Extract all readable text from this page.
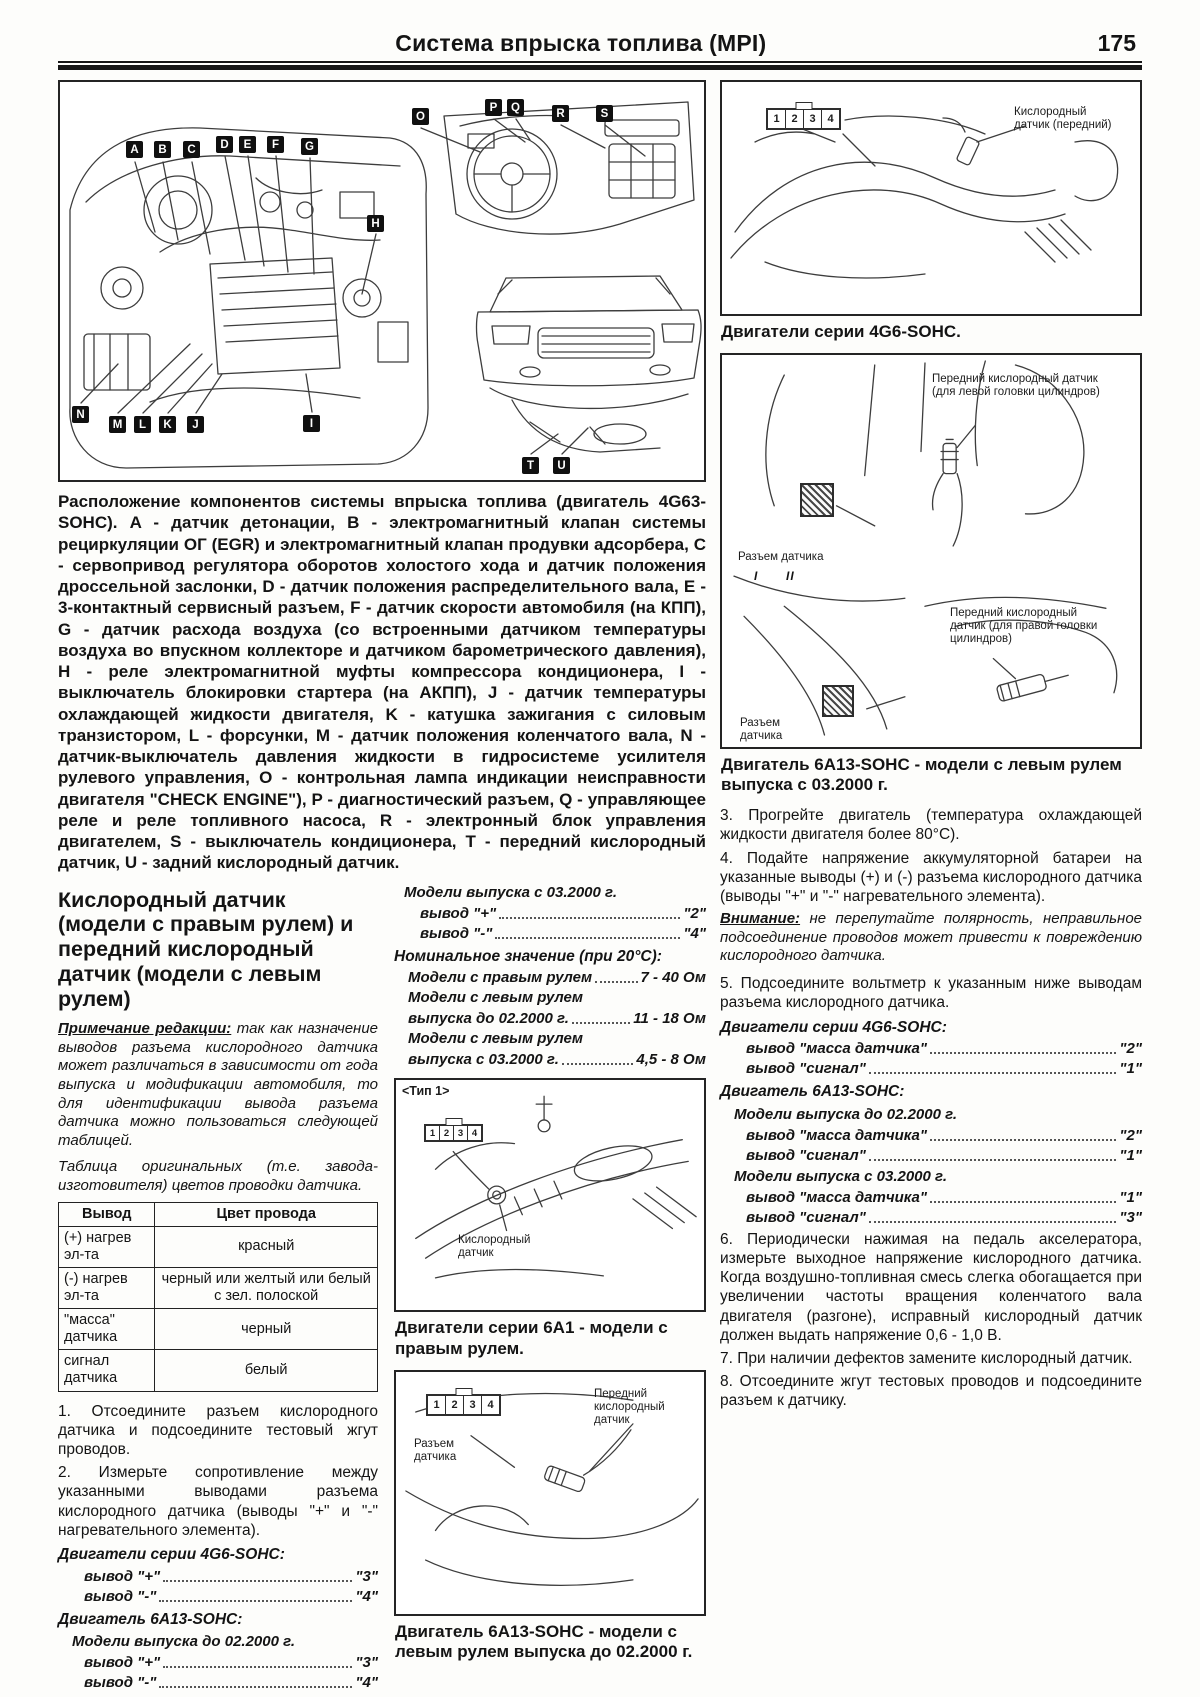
Система впрыска топлива (MPI)	175
A	B	C	D	E	F	G
H
I
J
K
L
M
N
O
P	Q	R	S
T	U

Расположение компонентов системы впрыска топлива (двигатель 4G63-SOHC). A - датчик детонации, B - электромагнитный клапан системы рециркуляции ОГ (EGR) и электромагнитный клапан продувки адсорбера, C - сервопривод регулятора оборотов холостого хода и датчик положения дроссельной заслонки, D - датчик положения распределительного вала, E - 3-контактный сервисный разъем, F - датчик скорости автомобиля (на КПП), G - датчик расхода воздуха (со встроенными датчиком температуры воздуха во впускном коллекторе и датчиком барометрического давления), H - реле электромагнитной муфты компрессора кондиционера, I - выключатель блокировки стартера (на АКПП), J - датчик температуры охлаждающей жидкости двигателя, K - катушка зажигания с силовым транзистором, L - форсунки, M - датчик положения коленчатого вала, N - датчик-выключатель давления жидкости в гидросистеме усилителя рулевого управления, O - контрольная лампа индикации неисправности двигателя "CHECK ENGINE"), P - диагностический разъем, Q - управляющее реле и реле топливного насоса, R - электронный блок управления двигателем, S - выключатель кондиционера, T - передний кислородный датчик, U - задний кислородный датчик.

Кислородный датчик (модели с правым рулем) и передний кислородный датчик (модели с левым рулем)

Примечание редакции: так как назначение выводов разъема кислородного датчика может различаться в зависимости от года выпуска и модификации автомобиля, то для идентификации вывода разъема датчика можно пользоваться следующей таблицей.

Таблица оригинальных (т.е. завода-изготовителя) цветов проводки датчика.

Вывод	Цвет провода
(+) нагрев эл-та	красный
(-) нагрев эл-та	черный или желтый или белый с зел. полоской
"масса" датчика	черный
сигнал датчика	белый

1. Отсоедините разъем кислородного датчика и подсоедините тестовый жгут проводов.

2. Измерьте сопротивление между указанными выводами разъема кислородного датчика (выводы "+" и "-" нагревательного элемента).

Двигатели серии 4G6-SOHC:
вывод "+"	"3"
вывод "-"	"4"
Двигатель 6А13-SOHC:
Модели выпуска до 02.2000 г.
вывод "+"	"3"
вывод "-"	"4"
Модели выпуска с 03.2000 г.
вывод "+"	"2"
вывод "-"	"4"
Номинальное значение (при 20°C):
Модели с правым рулем	7 - 40 Ом
Модели с левым рулем
выпуска до 02.2000 г.	11 - 18 Ом
Модели с левым рулем
выпуска с 03.2000 г.	4,5 - 8 Ом
<Тип 1>
1 2 3 4
Кислородный датчик
Двигатели серии 6А1 - модели с правым рулем.
1	2	3	4
Разъем датчика
Передний кислородный датчик
Двигатель 6А13-SOHC - модели с левым рулем выпуска до 02.2000 г.
1	2	3	4
Кислородный датчик (передний)
Двигатели серии 4G6-SOHC.
Передний кислородный датчик (для левой головки цилиндров)
Разъем датчика
I II
Передний кислородный датчик (для правой головки цилиндров)
Разъем датчика
Двигатель 6А13-SOHC - модели с левым рулем выпуска с 03.2000 г.

3. Прогрейте двигатель (температура охлаждающей жидкости двигателя более 80°C).

4. Подайте напряжение аккумуляторной батареи на указанные выводы (+) и (-) разъема кислородного датчика (выводы "+" и "-" нагревательного элемента).

Внимание: не перепутайте полярность, неправильное подсоединение проводов может привести к повреждению кислородного датчика.

5. Подсоедините вольтметр к указанным ниже выводам разъема кислородного датчика.

Двигатели серии 4G6-SOHC:
вывод "масса датчика"	"2"
вывод "сигнал"	"1"
Двигатель 6А13-SOHC:
Модели выпуска до 02.2000 г.
вывод "масса датчика"	"2"
вывод "сигнал"	"1"
Модели выпуска с 03.2000 г.
вывод "масса датчика"	"1"
вывод "сигнал"	"3"

6. Периодически нажимая на педаль акселератора, измерьте выходное напряжение кислородного датчика. Когда воздушно-топливная смесь слегка обогащается при увеличении частоты вращения коленчатого вала двигателя (разгоне), исправный кислородный датчик должен выдать напряжение 0,6 - 1,0 В.

7. При наличии дефектов замените кислородный датчик.

8. Отсоедините жгут тестовых проводов и подсоедините разъем к датчику.
